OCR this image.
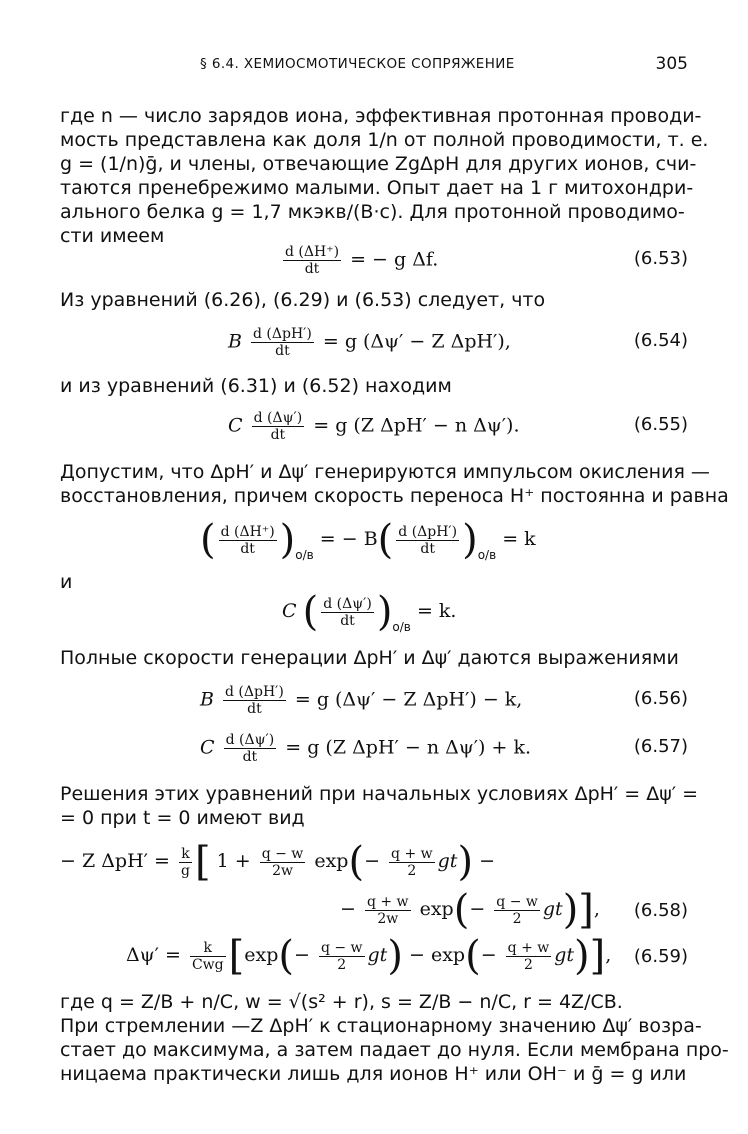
§ 6.4. ХЕМИОСМОТИЧЕСКОЕ СОПРЯЖЕНИЕ	305
где n — число зарядов иона, эффективная протонная проводи-
мость представлена как доля 1/n от полной проводимости, т. е.
g = (1/n)ḡ, и члены, отвечающие ZgΔpH для других ионов, счи-
таются пренебрежимо малыми. Опыт дает на 1 г митохондри-
ального белка g = 1,7 мкэкв/(В·с). Для протонной проводимо-
сти имеем
$\frac{d (\Delta H^+)}{dt}$ = − g Δf.	(6.53)
Из уравнений (6.26), (6.29) и (6.53) следует, что
B $\frac{\text{d (ΔpH′)}}{dt} = g$ (Δψ′ − Z ΔpH′),	(6.54)
и из уравнений (6.31) и (6.52) находим
C $\frac{d (\Delta\psi')}{dt} = g$ (Z ΔpH′ − n Δψ′).	(6.55)
Допустим, что ΔpH′ и Δψ′ генерируются импульсом окисления —
восстановления, причем скорость переноса H⁺ постоянна и равна
( $\frac{d (\Delta H^+)}{dt} )_{о/в}$ = − $B( \frac{\text{d (ΔpH′)}}{dt} )_{о/в} = k$
и
C ( $\frac{d (\Delta\psi')}{dt} )_{о/в} = k$.
Полные скорости генерации ΔpH′ и Δψ′ даются выражениями
B $\frac{\text{d (ΔpH′)}}{dt} = g$ (Δψ′ − Z ΔpH′) − k,	(6.56)
C $\frac{d (\Delta\psi')}{dt} = g$ (Z ΔpH′ − n Δψ′) + k.	(6.57)
Решения этих уравнений при начальных условиях ΔpH′ = Δψ′ =
= 0 при t = 0 имеют вид
− Z $\Delta pH' = \frac{k}{g}$ [ $1 + \frac{q - w}{2w} \exp(- \frac{q + w}{2} gt)$ −
− $\frac{q + w}{2w} \exp(- \frac{q - w}{2} gt)$], (6.58)
$\Delta\psi' = \frac{k}{\text{Cwg}} [\exp(- \frac{q - w}{2} gt) - \exp(- \frac{q + w}{2} gt)]$, (6.59)
где q = Z/B + n/C, w = √(s² + r), s = Z/B − n/C, r = 4Z/CB.
При стремлении —Z ΔpH′ к стационарному значению Δψ′ возра-
стает до максимума, а затем падает до нуля. Если мембрана про-
ницаема практически лишь для ионов H⁺ или OH⁻ и ḡ = g или
